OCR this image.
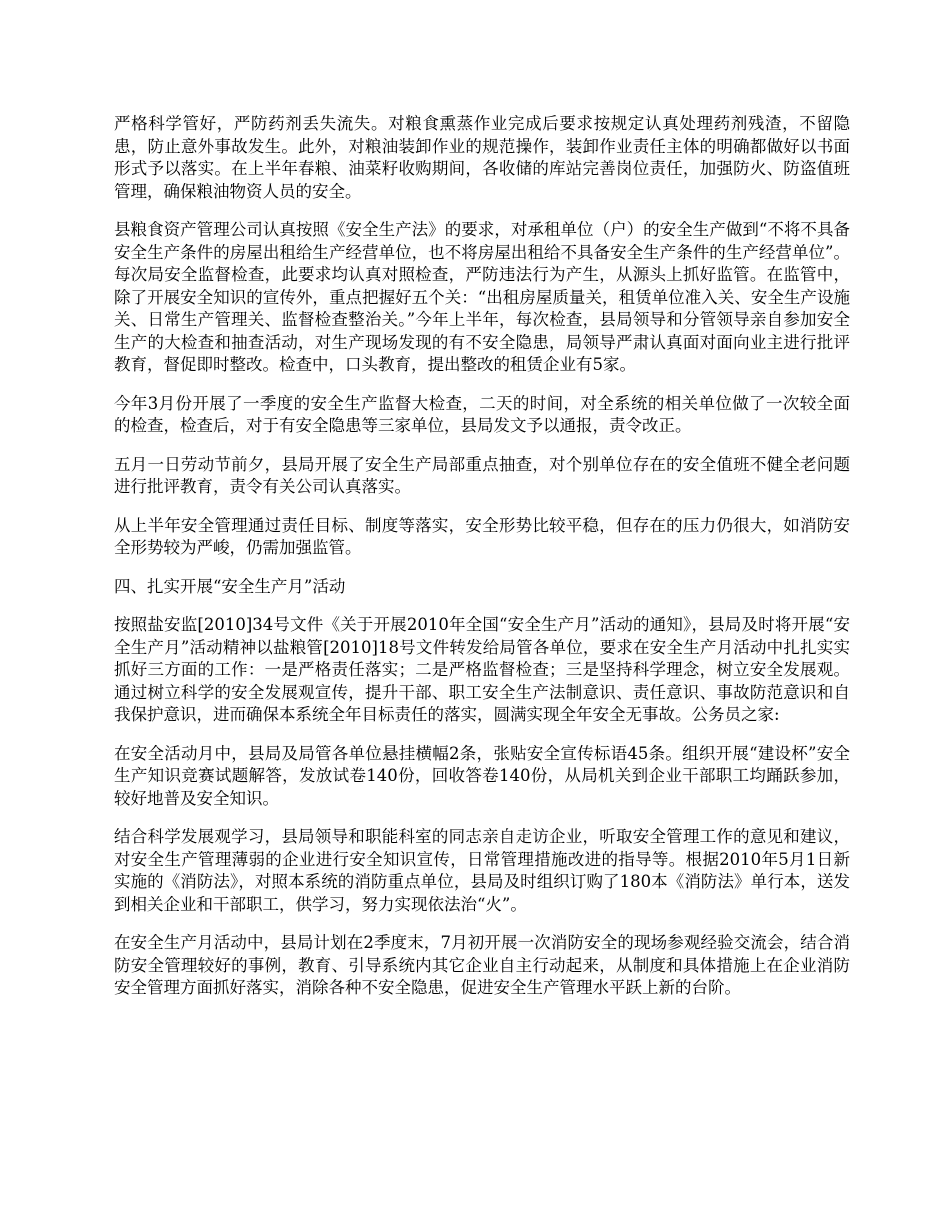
严格科学管好，严防药剂丢失流失。对粮食熏蒸作业完成后要求按规定认真处理药剂残渣，不留隐患，防止意外事故发生。此外，对粮油装卸作业的规范操作，装卸作业责任主体的明确都做好以书面形式予以落实。在上半年春粮、油菜籽收购期间，各收储的库站完善岗位责任，加强防火、防盗值班管理，确保粮油物资人员的安全。

县粮食资产管理公司认真按照《安全生产法》的要求，对承租单位（户）的安全生产做到“不将不具备安全生产条件的房屋出租给生产经营单位，也不将房屋出租给不具备安全生产条件的生产经营单位”。每次局安全监督检查，此要求均认真对照检查，严防违法行为产生，从源头上抓好监管。在监管中，除了开展安全知识的宣传外，重点把握好五个关：“出租房屋质量关，租赁单位准入关、安全生产设施关、日常生产管理关、监督检查整治关。”今年上半年，每次检查，县局领导和分管领导亲自参加安全生产的大检查和抽查活动，对生产现场发现的有不安全隐患，局领导严肃认真面对面向业主进行批评教育，督促即时整改。检查中，口头教育，提出整改的租赁企业有5家。

今年3月份开展了一季度的安全生产监督大检查，二天的时间，对全系统的相关单位做了一次较全面的检查，检查后，对于有安全隐患等三家单位，县局发文予以通报，责令改正。

五月一日劳动节前夕，县局开展了安全生产局部重点抽查，对个别单位存在的安全值班不健全老问题进行批评教育，责令有关公司认真落实。

从上半年安全管理通过责任目标、制度等落实，安全形势比较平稳，但存在的压力仍很大，如消防安全形势较为严峻，仍需加强监管。

四、扎实开展“安全生产月”活动

按照盐安监[2010]34号文件《关于开展2010年全国“安全生产月”活动的通知》，县局及时将开展“安全生产月”活动精神以盐粮管[2010]18号文件转发给局管各单位，要求在安全生产月活动中扎扎实实抓好三方面的工作：一是严格责任落实；二是严格监督检查；三是坚持科学理念，树立安全发展观。通过树立科学的安全发展观宣传，提升干部、职工安全生产法制意识、责任意识、事故防范意识和自我保护意识，进而确保本系统全年目标责任的落实，圆满实现全年安全无事故。公务员之家:

在安全活动月中，县局及局管各单位悬挂横幅2条，张贴安全宣传标语45条。组织开展“建设杯”安全生产知识竞赛试题解答，发放试卷140份，回收答卷140份，从局机关到企业干部职工均踊跃参加，较好地普及安全知识。

结合科学发展观学习，县局领导和职能科室的同志亲自走访企业，听取安全管理工作的意见和建议，对安全生产管理薄弱的企业进行安全知识宣传，日常管理措施改进的指导等。根据2010年5月1日新实施的《消防法》，对照本系统的消防重点单位，县局及时组织订购了180本《消防法》单行本，送发到相关企业和干部职工，供学习，努力实现依法治“火”。

在安全生产月活动中，县局计划在2季度末，7月初开展一次消防安全的现场参观经验交流会，结合消防安全管理较好的事例，教育、引导系统内其它企业自主行动起来，从制度和具体措施上在企业消防安全管理方面抓好落实，消除各种不安全隐患，促进安全生产管理水平跃上新的台阶。
